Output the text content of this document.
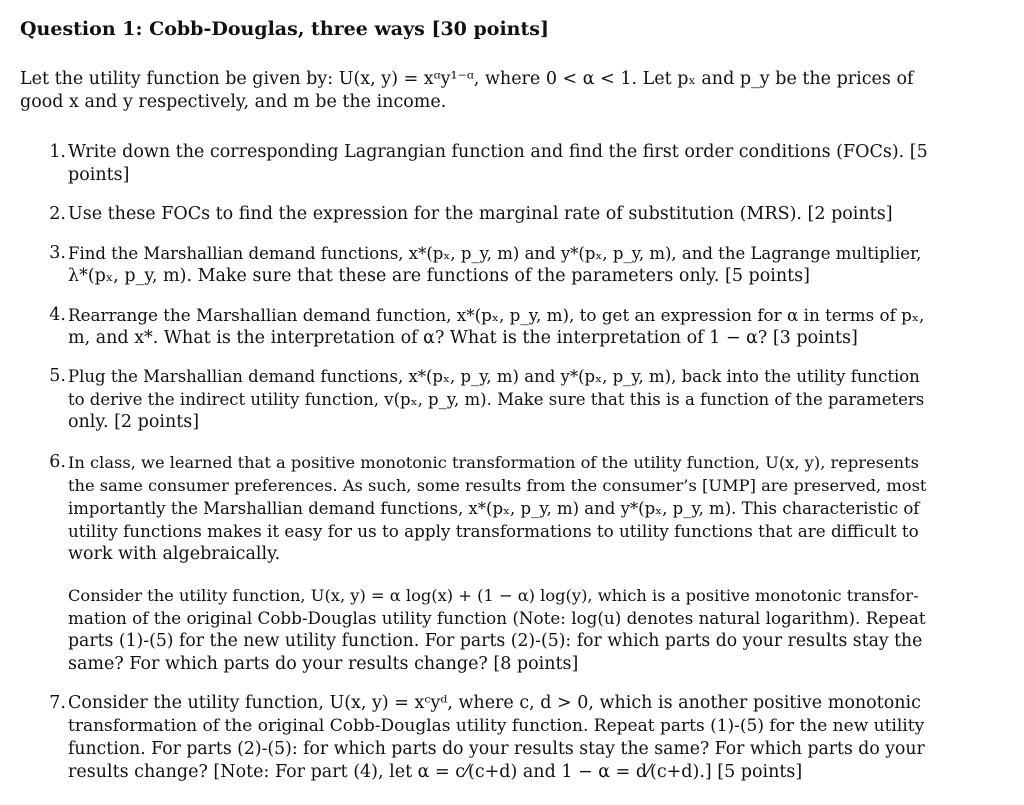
Question 1: Cobb-Douglas, three ways [30 points]
Let the utility function be given by: U(x, y) = xᵅy¹⁻ᵅ, where 0 < α < 1. Let pₓ and p_y be the prices of
good x and y respectively, and m be the income.
1. Write down the corresponding Lagrangian function and find the first order conditions (FOCs). [5
points]
2. Use these FOCs to find the expression for the marginal rate of substitution (MRS). [2 points]
3. Find the Marshallian demand functions, x*(pₓ, p_y, m) and y*(pₓ, p_y, m), and the Lagrange multiplier,
λ*(pₓ, p_y, m). Make sure that these are functions of the parameters only. [5 points]
4. Rearrange the Marshallian demand function, x*(pₓ, p_y, m), to get an expression for α in terms of pₓ,
m, and x*. What is the interpretation of α? What is the interpretation of 1 − α? [3 points]
5. Plug the Marshallian demand functions, x*(pₓ, p_y, m) and y*(pₓ, p_y, m), back into the utility function
to derive the indirect utility function, v(pₓ, p_y, m). Make sure that this is a function of the parameters
only. [2 points]
6. In class, we learned that a positive monotonic transformation of the utility function, U(x, y), represents
the same consumer preferences. As such, some results from the consumer’s [UMP] are preserved, most
importantly the Marshallian demand functions, x*(pₓ, p_y, m) and y*(pₓ, p_y, m). This characteristic of
utility functions makes it easy for us to apply transformations to utility functions that are difficult to
work with algebraically.
Consider the utility function, U(x, y) = α log(x) + (1 − α) log(y), which is a positive monotonic transfor-
mation of the original Cobb-Douglas utility function (Note: log(u) denotes natural logarithm). Repeat
parts (1)-(5) for the new utility function. For parts (2)-(5): for which parts do your results stay the
same? For which parts do your results change? [8 points]
7. Consider the utility function, U(x, y) = xᶜyᵈ, where c, d > 0, which is another positive monotonic
transformation of the original Cobb-Douglas utility function. Repeat parts (1)-(5) for the new utility
function. For parts (2)-(5): for which parts do your results stay the same? For which parts do your
results change? [Note: For part (4), let α = c⁄(c+d) and 1 − α = d⁄(c+d).] [5 points]
